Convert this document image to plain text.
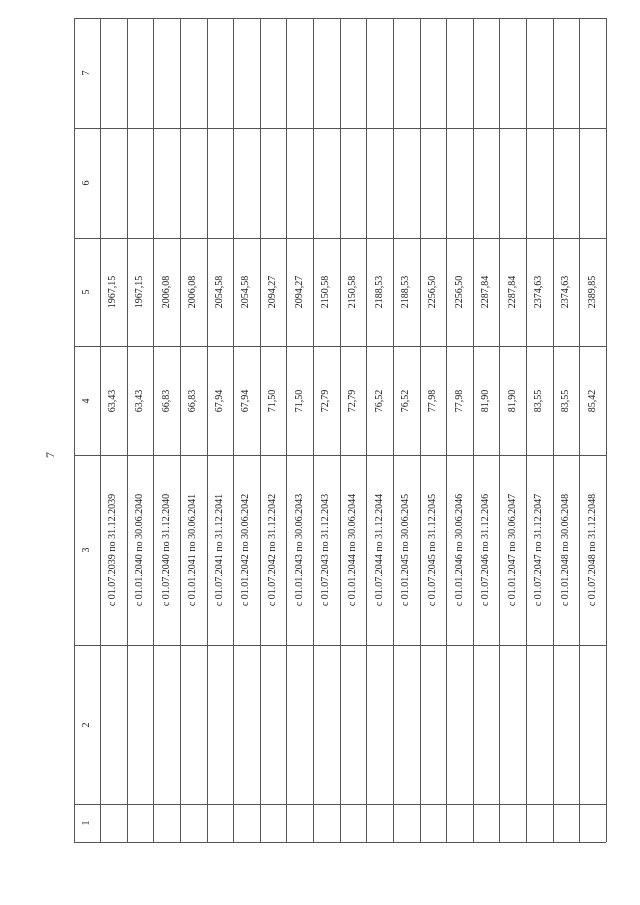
7
1
2
3
4
5
6
7
с 01.07.2039 по 31.12.2039
63,43
1967,15
с 01.01.2040 по 30.06.2040
63,43
1967,15
с 01.07.2040 по 31.12.2040
66,83
2006,08
с 01.01.2041 по 30.06.2041
66,83
2006,08
с 01.07.2041 по 31.12.2041
67,94
2054,58
с 01.01.2042 по 30.06.2042
67,94
2054,58
с 01.07.2042 по 31.12.2042
71,50
2094,27
с 01.01.2043 по 30.06.2043
71,50
2094,27
с 01.07.2043 по 31.12.2043
72,79
2150,58
с 01.01.2044 по 30.06.2044
72,79
2150,58
с 01.07.2044 по 31.12.2044
76,52
2188,53
с 01.01.2045 по 30.06.2045
76,52
2188,53
с 01.07.2045 по 31.12.2045
77,98
2256,50
с 01.01.2046 по 30.06.2046
77,98
2256,50
с 01.07.2046 по 31.12.2046
81,90
2287,84
с 01.01.2047 по 30.06.2047
81,90
2287,84
с 01.07.2047 по 31.12.2047
83,55
2374,63
с 01.01.2048 по 30.06.2048
83,55
2374,63
с 01.07.2048 по 31.12.2048
85,42
2389,85
